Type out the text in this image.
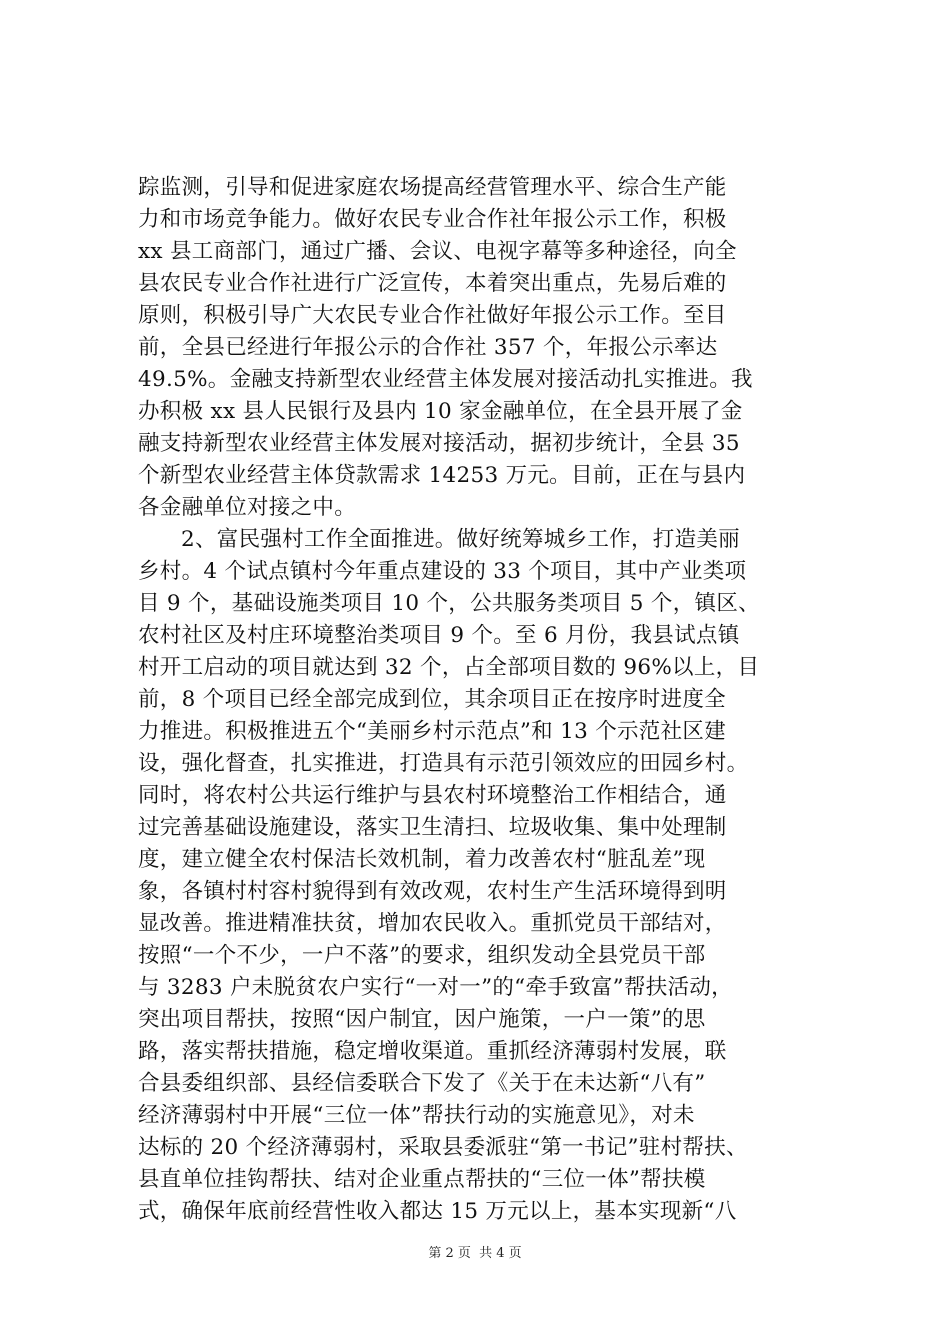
踪监测，引导和促进家庭农场提高经营管理水平、综合生产能
力和市场竞争能力。做好农民专业合作社年报公示工作，积极
xx 县工商部门，通过广播、会议、电视字幕等多种途径，向全
县农民专业合作社进行广泛宣传，本着突出重点，先易后难的
原则，积极引导广大农民专业合作社做好年报公示工作。至目
前，全县已经进行年报公示的合作社 357 个，年报公示率达
49.5%。金融支持新型农业经营主体发展对接活动扎实推进。我
办积极 xx 县人民银行及县内 10 家金融单位，在全县开展了金
融支持新型农业经营主体发展对接活动，据初步统计，全县 35
个新型农业经营主体贷款需求 14253 万元。目前，正在与县内
各金融单位对接之中。
2、富民强村工作全面推进。做好统筹城乡工作，打造美丽
乡村。4 个试点镇村今年重点建设的 33 个项目，其中产业类项
目 9 个，基础设施类项目 10 个，公共服务类项目 5 个，镇区、
农村社区及村庄环境整治类项目 9 个。至 6 月份，我县试点镇
村开工启动的项目就达到 32 个，占全部项目数的 96%以上，目
前，8 个项目已经全部完成到位，其余项目正在按序时进度全
力推进。积极推进五个“美丽乡村示范点”和 13 个示范社区建
设，强化督查，扎实推进，打造具有示范引领效应的田园乡村。
同时，将农村公共运行维护与县农村环境整治工作相结合，通
过完善基础设施建设，落实卫生清扫、垃圾收集、集中处理制
度，建立健全农村保洁长效机制，着力改善农村“脏乱差”现
象，各镇村村容村貌得到有效改观，农村生产生活环境得到明
显改善。推进精准扶贫，增加农民收入。重抓党员干部结对，
按照“一个不少，一户不落”的要求，组织发动全县党员干部
与 3283 户未脱贫农户实行“一对一”的“牵手致富”帮扶活动，
突出项目帮扶，按照“因户制宜，因户施策，一户一策”的思
路，落实帮扶措施，稳定增收渠道。重抓经济薄弱村发展，联
合县委组织部、县经信委联合下发了《关于在未达新“八有”
经济薄弱村中开展“三位一体”帮扶行动的实施意见》，对未
达标的 20 个经济薄弱村，采取县委派驻“第一书记”驻村帮扶、
县直单位挂钩帮扶、结对企业重点帮扶的“三位一体”帮扶模
式，确保年底前经营性收入都达 15 万元以上，基本实现新“八
第 2 页 共 4 页
